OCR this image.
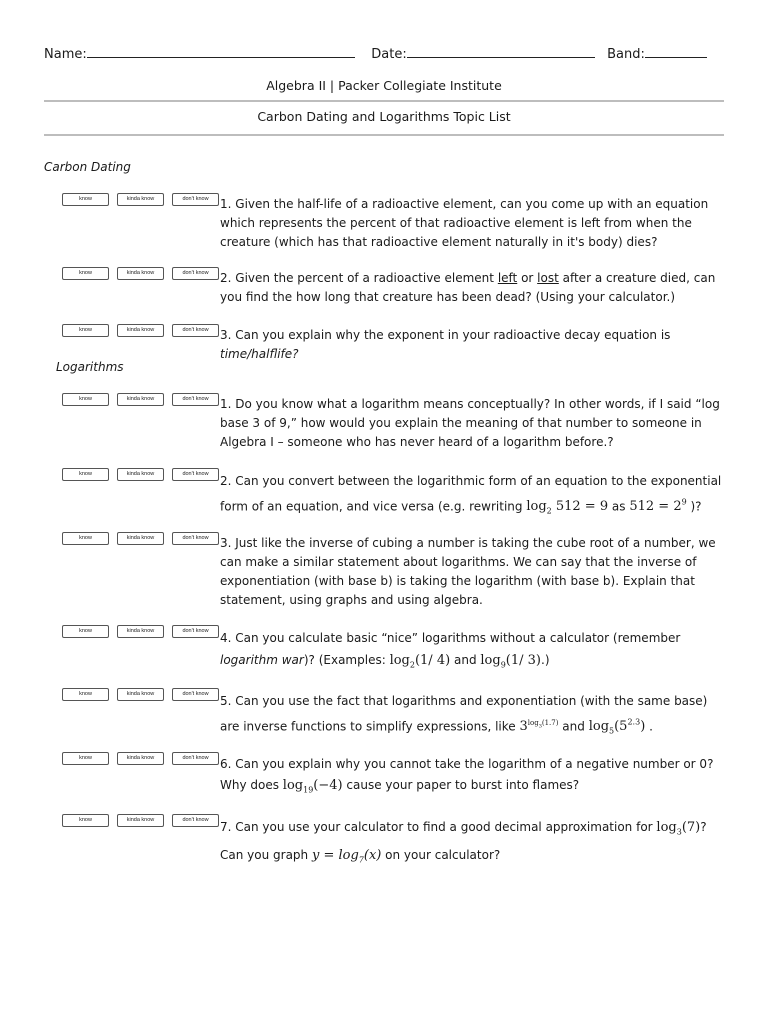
Name:	Date:	Band:
Algebra II | Packer Collegiate Institute
Carbon Dating and Logarithms Topic List
Carbon Dating
know	kinda know	don't know 1. Given the half-life of a radioactive element, can you come up with an equation which represents the percent of that radioactive element is left from when the creature (which has that radioactive element naturally in it's body) dies?
know	kinda know	don't know 2. Given the percent of a radioactive element left or lost after a creature died, can you find the how long that creature has been dead? (Using your calculator.)
know	kinda know	don't know 3. Can you explain why the exponent in your radioactive decay equation is time/halflife?
Logarithms
know	kinda know	don't know 1. Do you know what a logarithm means conceptually? In other words, if I said “log base 3 of 9,” how would you explain the meaning of that number to someone in Algebra I – someone who has never heard of a logarithm before.?
know	kinda know	don't know 2. Can you convert between the logarithmic form of an equation to the exponential form of an equation, and vice versa (e.g. rewriting $\log_2 512 = 9$ as $512 = 2^9$ )?
know	kinda know	don't know 3. Just like the inverse of cubing a number is taking the cube root of a number, we can make a similar statement about logarithms. We can say that the inverse of exponentiation (with base b) is taking the logarithm (with base b). Explain that statement, using graphs and using algebra.
know	kinda know	don't know 4. Can you calculate basic “nice” logarithms without a calculator (remember logarithm war)? (Examples: $\log_2(1/$ 4) and $\log_9(1/$ 3).)
know	kinda know	don't know 5. Can you use the fact that logarithms and exponentiation (with the same base) are inverse functions to simplify expressions, like $3^{log_3(1.7)}$ and $\log_5(5^{2.3})$ .
know	kinda know	don't know 6. Can you explain why you cannot take the logarithm of a negative number or 0? Why does $\log_{19}(-4)$ cause your paper to burst into flames?
know	kinda know	don't know 7. Can you use your calculator to find a good decimal approximation for $\log_3(7)$? Can you graph $y = \log_7(x)$ on your calculator?
